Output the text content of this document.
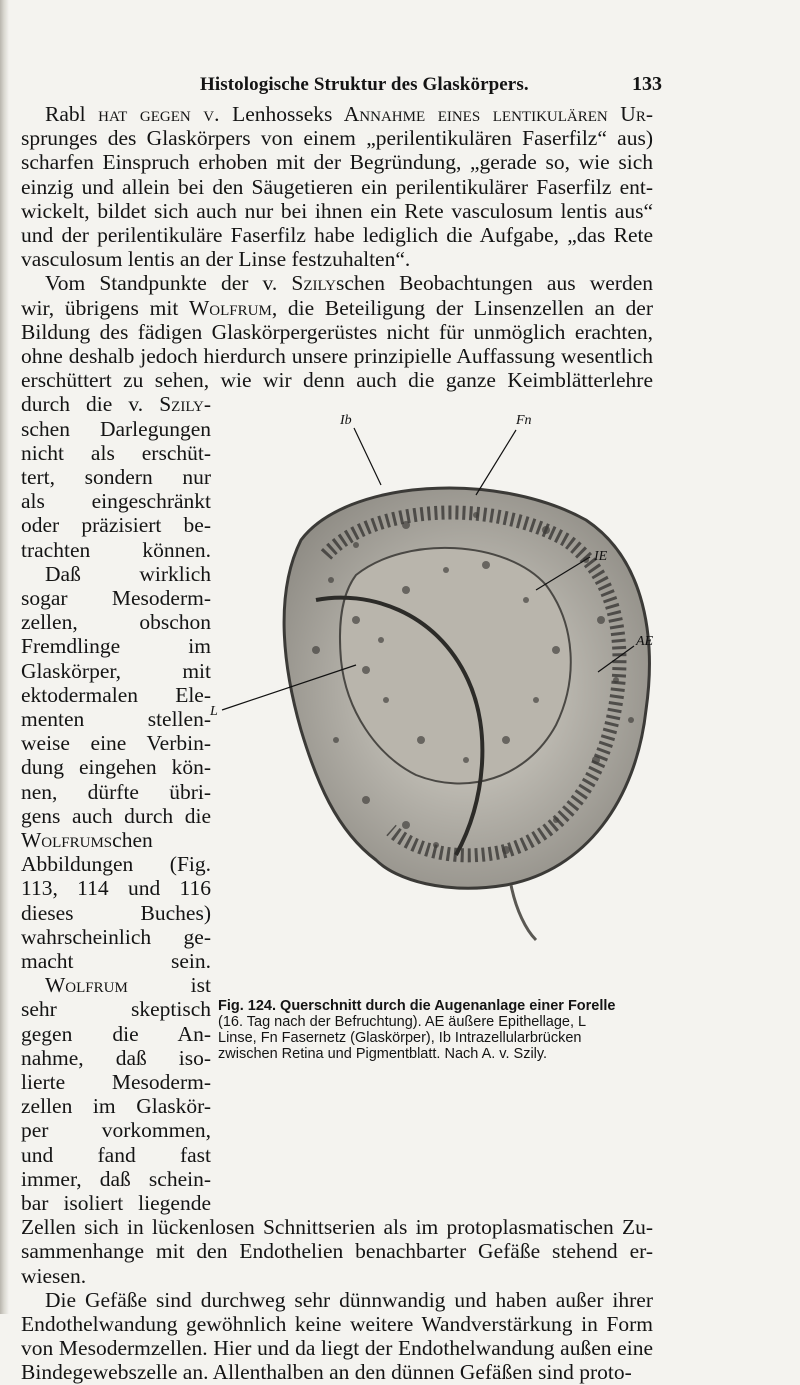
Histologische Struktur des Glaskörpers.	133
Rabl hat gegen v. Lenhosseks Annahme eines lentikulären Ur-
sprunges des Glaskörpers von einem „perilentikulären Faserfilz“ aus)
scharfen Einspruch erhoben mit der Begründung, „gerade so, wie sich
einzig und allein bei den Säugetieren ein perilentikulärer Faserfilz ent-
wickelt, bildet sich auch nur bei ihnen ein Rete vasculosum lentis aus“
und der perilentikuläre Faserfilz habe lediglich die Aufgabe, „das Rete
vasculosum lentis an der Linse festzuhalten“.
Vom Standpunkte der v. Szilyschen Beobachtungen aus werden
wir, übrigens mit Wolfrum, die Beteiligung der Linsenzellen an der
Bildung des fädigen Glaskörpergerüstes nicht für unmöglich erachten,
ohne deshalb jedoch hierdurch unsere prinzipielle Auffassung wesentlich
erschüttert zu sehen, wie wir denn auch die ganze Keimblätterlehre
durch die v. Szily-
schen Darlegungen
nicht als erschüt-
tert, sondern nur
als eingeschränkt
oder präzisiert be-
trachten können.
Daß wirklich
sogar Mesoderm-
zellen, obschon
Fremdlinge im
Glaskörper, mit
ektodermalen Ele-
menten stellen-
weise eine Verbin-
dung eingehen kön-
nen, dürfte übri-
gens auch durch die
Wolfrumschen
Abbildungen (Fig.
113, 114 und 116
dieses Buches)
wahrscheinlich ge-
macht sein.
Wolfrum ist
sehr skeptisch
gegen die An-
nahme, daß iso-
lierte Mesoderm-
zellen im Glaskör-
per vorkommen,
und fand fast
immer, daß schein-
bar isoliert liegende
Zellen sich in lückenlosen Schnittserien als im protoplasmatischen Zu-
sammenhange mit den Endothelien benachbarter Gefäße stehend er-
wiesen.
Die Gefäße sind durchweg sehr dünnwandig und haben außer ihrer
Endothelwandung gewöhnlich keine weitere Wandverstärkung in Form
von Mesodermzellen. Hier und da liegt der Endothelwandung außen eine
Bindegewebszelle an. Allenthalben an den dünnen Gefäßen sind proto-
Ib	Fn
IE
AE
L
Fig. 124. Querschnitt durch die Augenanlage einer Forelle
(16. Tag nach der Befruchtung). AE äußere Epithellage, L
Linse, Fn Fasernetz (Glaskörper), Ib Intrazellularbrücken
zwischen Retina und Pigmentblatt. Nach A. v. Szily.
